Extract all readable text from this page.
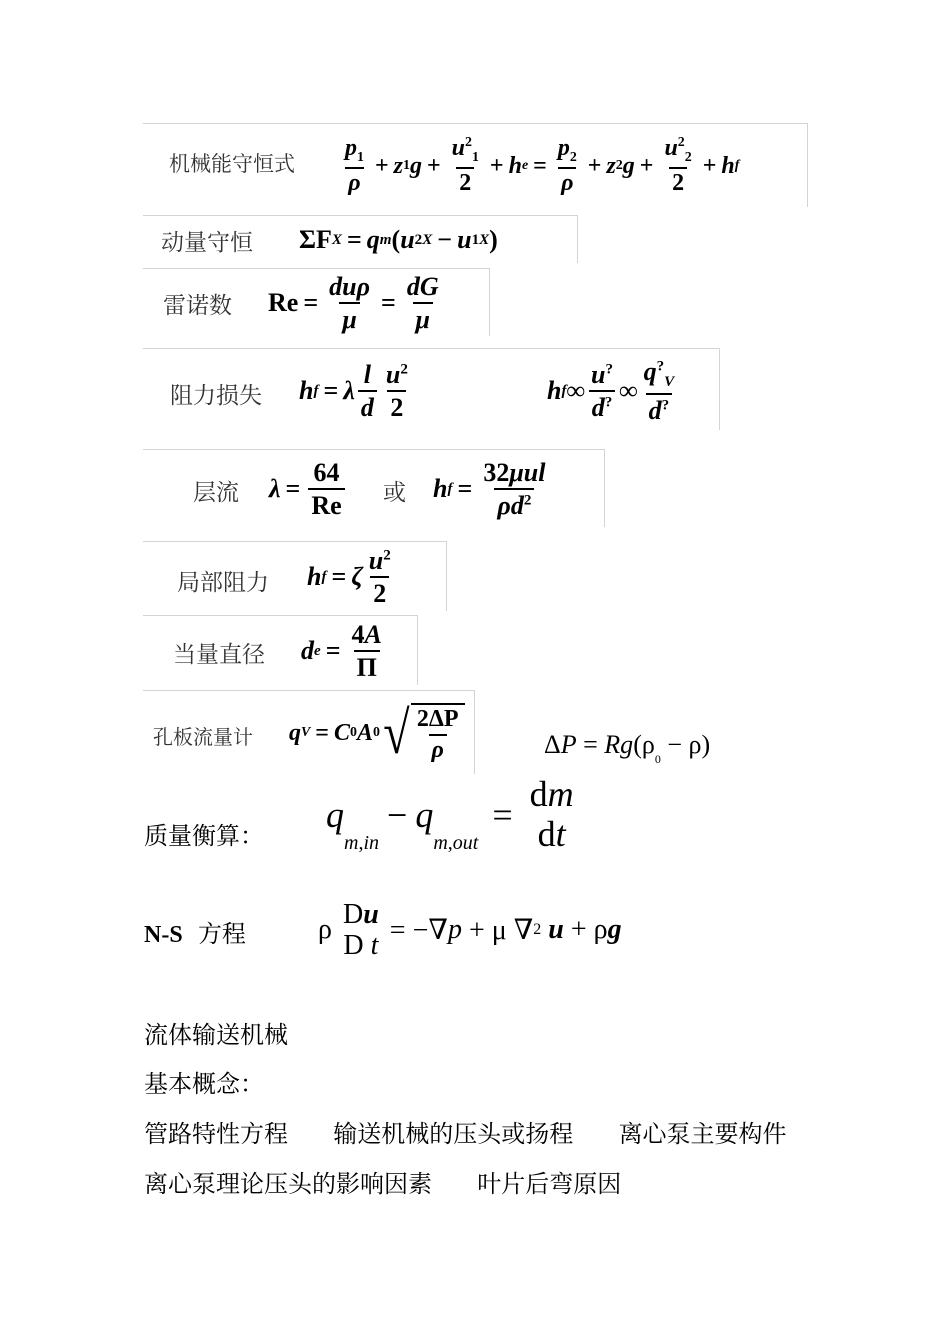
机械能守恒式 $\frac{p_1}{\rho} + z$ 1 $g + \frac{u^2_1}{2} + h$ $e = \frac{p_2}{\rho} + z$ 2 $g + \frac{u^2_2}{2} + h$ f
动量守恒 ΣF X = q m ( u 2X − u 1X )
雷诺数 $Re = \frac{\text{duρ}}{\mu} = \frac{dG}{\mu}$
阻力损失 h f = λ $\frac{l}{d} \frac{u^2}{2}$	h f ∞ $\frac{u^?}{d^?}$ ∞ $\frac{q^?_V}{d^?}$
层流 $\lambda = \frac{64}{Re}$ 或 h $f = \frac{\text{32μul}}{\rho d^2}$
局部阻力 h f = ζ $\frac{u^2}{2}$
当量直径 d $e = \frac{4A}{\Pi}$
孔板流量计 q V = C 0 A 0 √ $\frac{2\Delta P}{\rho}$	Δ P = Rg $(\rho_0 - \rho)$
质量衡算：
q
m,in
− q
m,out
=
dm
dt
N-S 方程	ρ Du
D t = −∇ p + μ ∇ 2
u + ρ g
流体输送机械
基本概念：
管路特性方程 输送机械的压头或扬程 离心泵主要构件
离心泵理论压头的影响因素 叶片后弯原因
